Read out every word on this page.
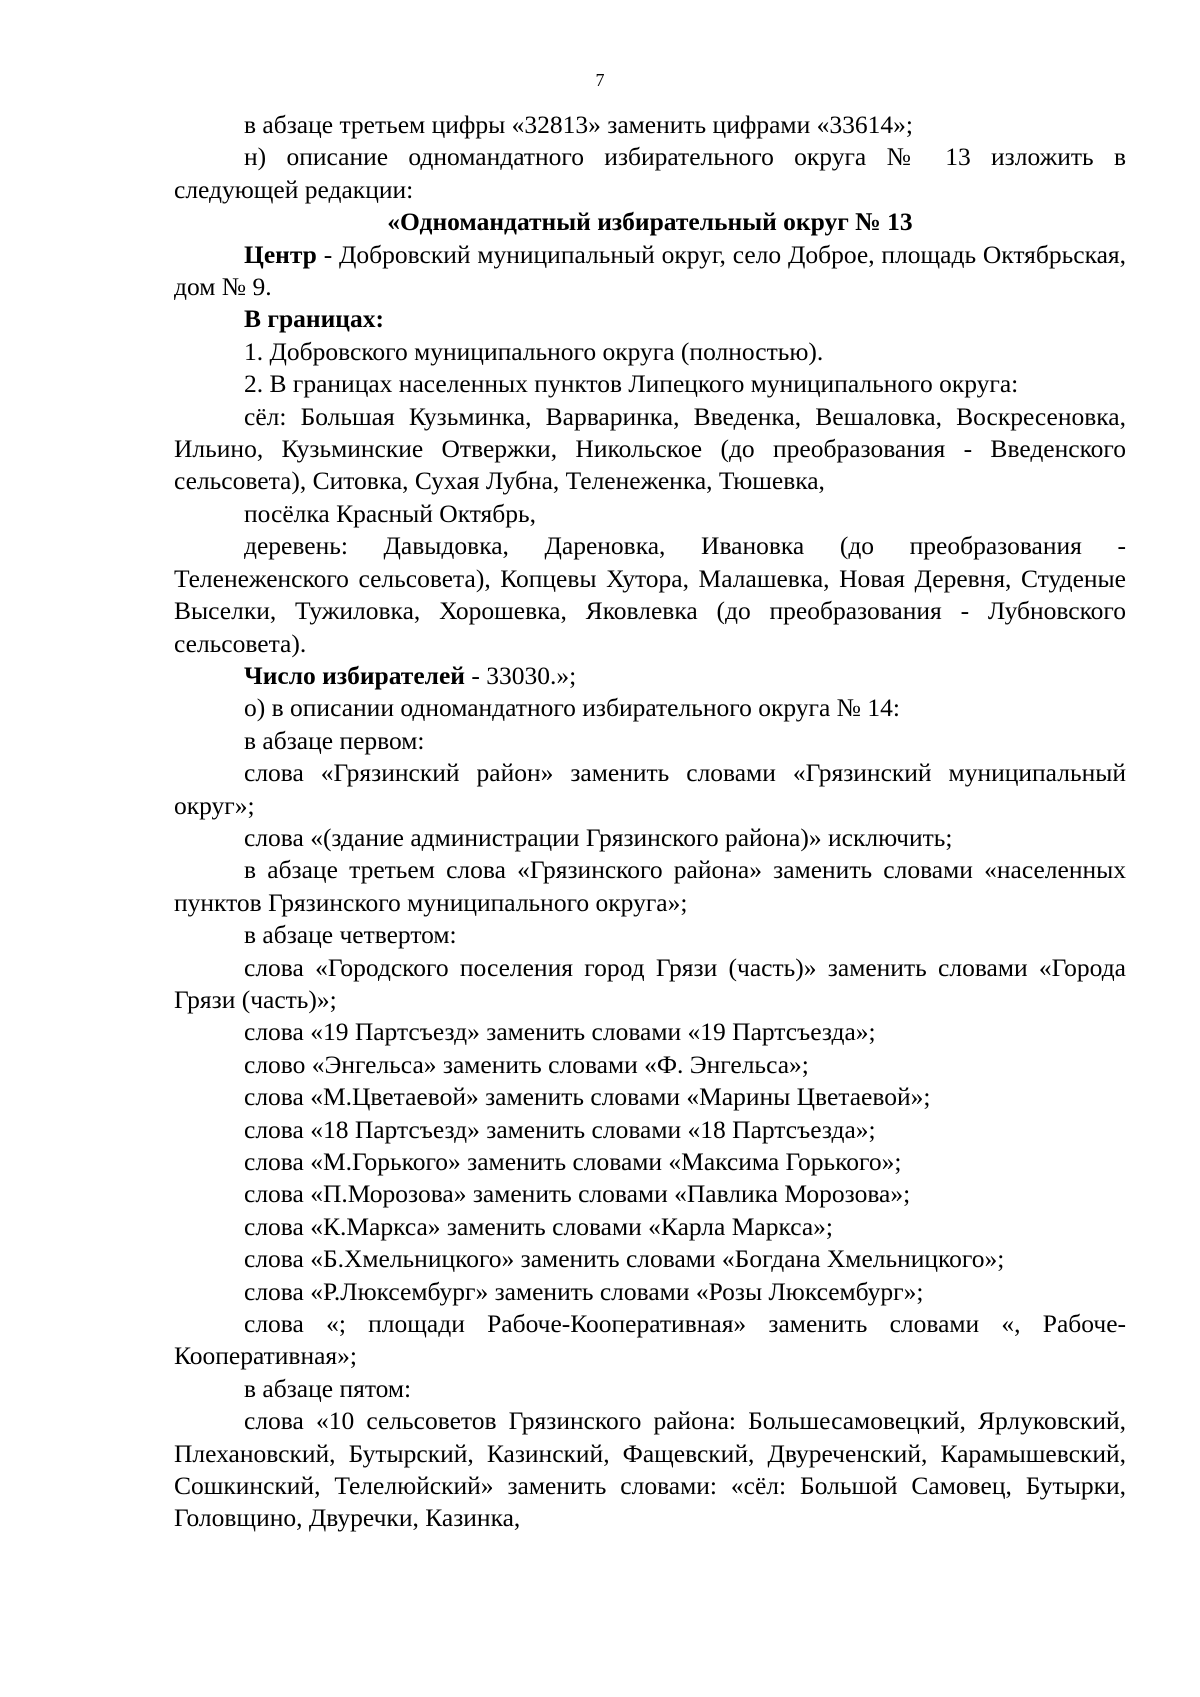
7

в абзаце третьем цифры «32813» заменить цифрами «33614»;

н) описание одномандатного избирательного округа № 13 изложить в следующей редакции:

«Одномандатный избирательный округ № 13

Центр - Добровский муниципальный округ, село Доброе, площадь Октябрьская, дом № 9.

В границах:

1. Добровского муниципального округа (полностью).

2. В границах населенных пунктов Липецкого муниципального округа:

сёл: Большая Кузьминка, Варваринка, Введенка, Вешаловка, Воскресеновка, Ильино, Кузьминские Отвержки, Никольское (до преобразования - Введенского сельсовета), Ситовка, Сухая Лубна, Теленеженка, Тюшевка,

посёлка Красный Октябрь,

деревень: Давыдовка, Дареновка, Ивановка (до преобразования - Теленеженского сельсовета), Копцевы Хутора, Малашевка, Новая Деревня, Студеные Выселки, Тужиловка, Хорошевка, Яковлевка (до преобразования - Лубновского сельсовета).

Число избирателей - 33030.»;

о) в описании одномандатного избирательного округа № 14:

в абзаце первом:

слова «Грязинский район» заменить словами «Грязинский муниципальный округ»;

слова «(здание администрации Грязинского района)» исключить;

в абзаце третьем слова «Грязинского района» заменить словами «населенных пунктов Грязинского муниципального округа»;

в абзаце четвертом:

слова «Городского поселения город Грязи (часть)» заменить словами «Города Грязи (часть)»;

слова «19 Партсъезд» заменить словами «19 Партсъезда»;

слово «Энгельса» заменить словами «Ф. Энгельса»;

слова «М.Цветаевой» заменить словами «Марины Цветаевой»;

слова «18 Партсъезд» заменить словами «18 Партсъезда»;

слова «М.Горького» заменить словами «Максима Горького»;

слова «П.Морозова» заменить словами «Павлика Морозова»;

слова «К.Маркса» заменить словами «Карла Маркса»;

слова «Б.Хмельницкого» заменить словами «Богдана Хмельницкого»;

слова «Р.Люксембург» заменить словами «Розы Люксембург»;

слова «; площади Рабоче-Кооперативная» заменить словами «, Рабоче-Кооперативная»;

в абзаце пятом:

слова «10 сельсоветов Грязинского района: Большесамовецкий, Ярлуковский, Плехановский, Бутырский, Казинский, Фащевский, Двуреченский, Карамышевский, Сошкинский, Телелюйский» заменить словами: «сёл: Большой Самовец, Бутырки, Головщино, Двуречки, Казинка,
